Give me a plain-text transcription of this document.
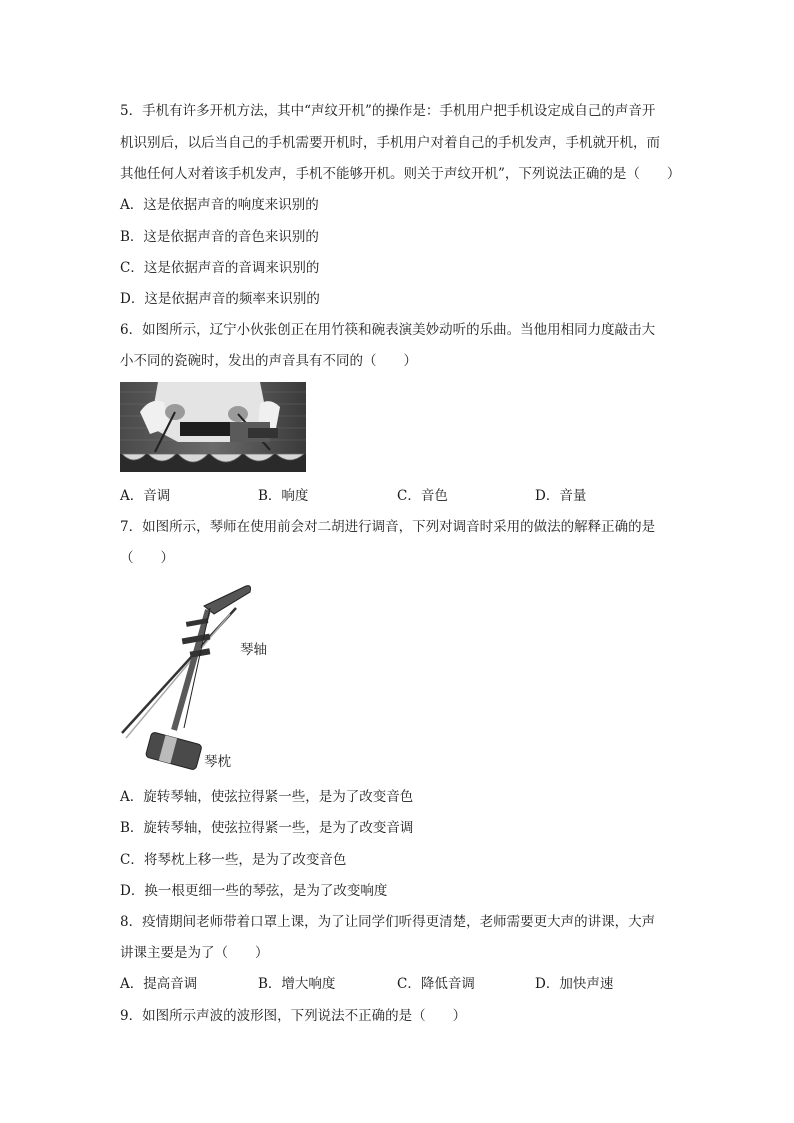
5．手机有许多开机方法，其中“声纹开机”的操作是：手机用户把手机设定成自己的声音开
机识别后，以后当自己的手机需要开机时，手机用户对着自己的手机发声，手机就开机，而
其他任何人对着该手机发声，手机不能够开机。则关于声纹开机”，下列说法正确的是（　　）
A．这是依据声音的响度来识别的
B．这是依据声音的音色来识别的
C．这是依据声音的音调来识别的
D．这是依据声音的频率来识别的
6．如图所示，辽宁小伙张创正在用竹筷和碗表演美妙动听的乐曲。当他用相同力度敲击大
小不同的瓷碗时，发出的声音具有不同的（　　）
A．音调	B．响度	C．音色	D．音量
7．如图所示，琴师在使用前会对二胡进行调音，下列对调音时采用的做法的解释正确的是
（　　）
琴轴
琴枕
A．旋转琴轴，使弦拉得紧一些，是为了改变音色
B．旋转琴轴，使弦拉得紧一些，是为了改变音调
C．将琴枕上移一些，是为了改变音色
D．换一根更细一些的琴弦，是为了改变响度
8．疫情期间老师带着口罩上课，为了让同学们听得更清楚，老师需要更大声的讲课，大声
讲课主要是为了（　　）
A．提高音调	B．增大响度	C．降低音调	D．加快声速
9．如图所示声波的波形图，下列说法不正确的是（　　）
